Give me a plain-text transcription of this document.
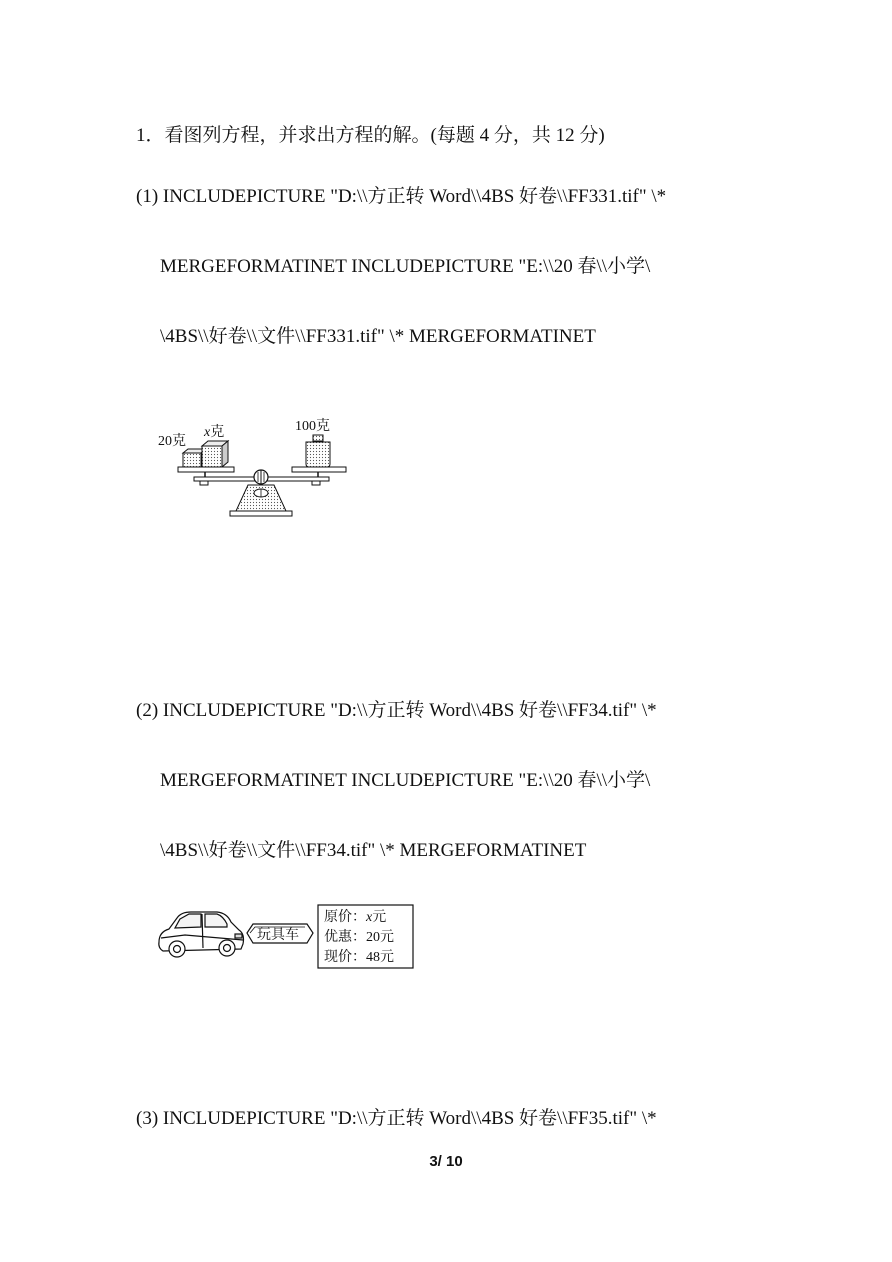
1．看图列方程，并求出方程的解。(每题 4 分，共 12 分)
(1) INCLUDEPICTURE "D:\\方正转 Word\\4BS 好卷\\FF331.tif" \*
MERGEFORMATINET INCLUDEPICTURE "E:\\20 春\\小学\
\4BS\\好卷\\文件\\FF331.tif" \* MERGEFORMATINET
20克
x克	100克
(2) INCLUDEPICTURE "D:\\方正转 Word\\4BS 好卷\\FF34.tif" \*
MERGEFORMATINET INCLUDEPICTURE "E:\\20 春\\小学\
\4BS\\好卷\\文件\\FF34.tif" \* MERGEFORMATINET
玩具车
原价：x元
优惠：20元
现价：48元
(3) INCLUDEPICTURE "D:\\方正转 Word\\4BS 好卷\\FF35.tif" \*
3/ 10
